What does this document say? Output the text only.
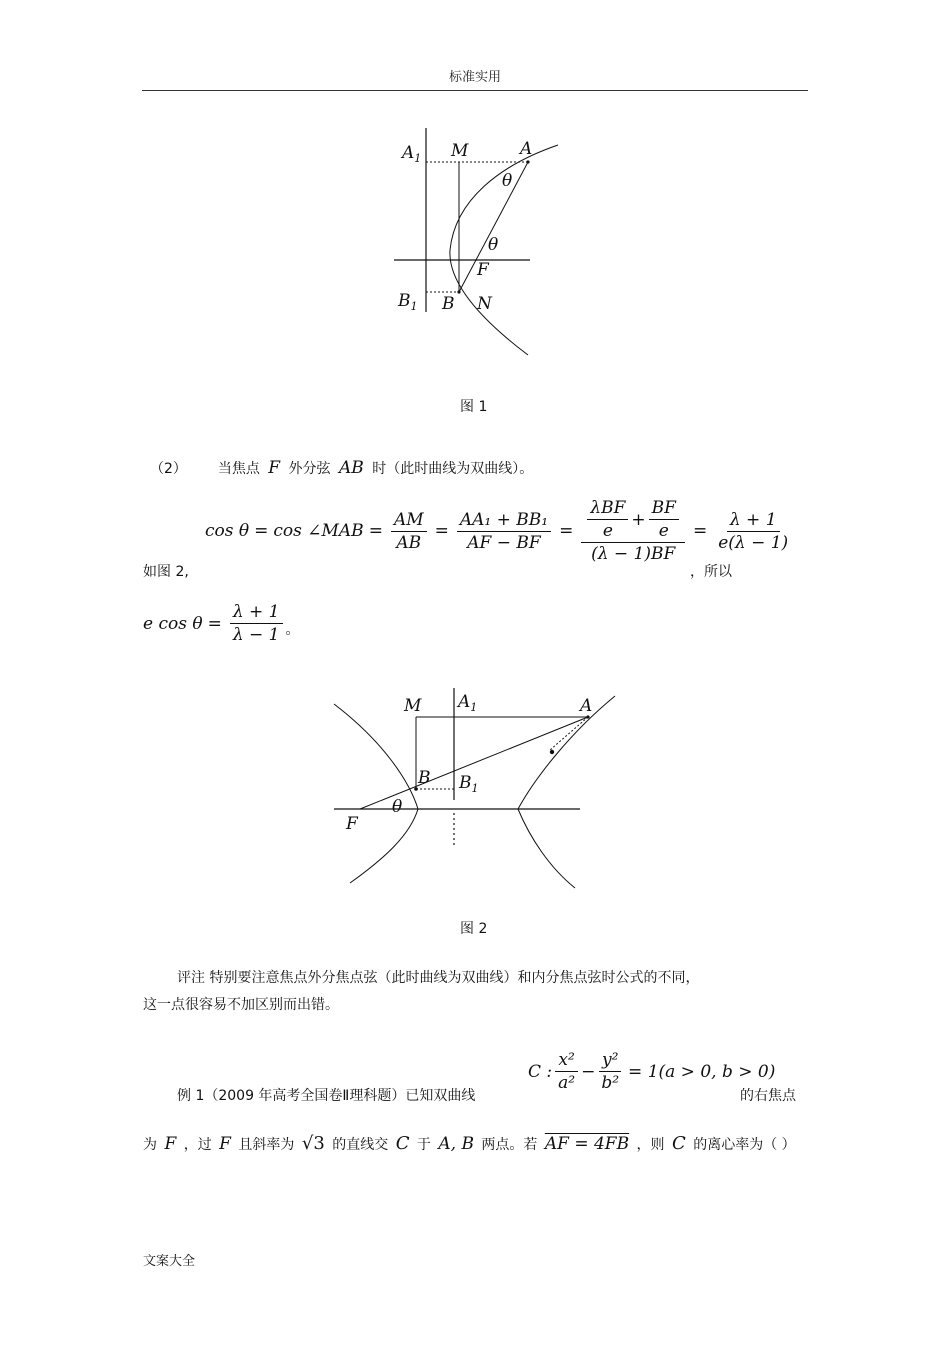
标准实用
$A_1$ M	A
θ
θ
F
$B_1$ B N
图 1
（2） 当焦点 F 外分弦 AB 时（此时曲线为双曲线）。
如图 2,
cos θ = cos ∠MAB = $\frac{AM}{AB} = \frac{\text{AA₁ + BB₁}}{AF - BF} = \frac{\frac{\text{λBF}}{e} + \frac{BF}{e}}{(\lambda - 1)BF} = \frac{\lambda + 1}{e(\lambda - 1)}$
，所以
e $\cos \theta = \frac{\lambda + 1}{\lambda - 1}$ 。
M $A_1$	A
B $B_1$
θ
F
图 2
评注 特别要注意焦点外分焦点弦（此时曲线为双曲线）和内分焦点弦时公式的不同，
这一点很容易不加区别而出错。
例 1（2009 年高考全国卷Ⅱ理科题）已知双曲线
C : $\frac{\text{x²}}{\text{a²}} - \frac{\text{y²}}{\text{b²}} = 1(a > 0$, b > 0)
的右焦点
为 F ，过 F 且斜率为 √3 的直线交 C 于 A, B 两点。若 AF = 4FB ，则 C 的离心率为（ ）
文案大全
